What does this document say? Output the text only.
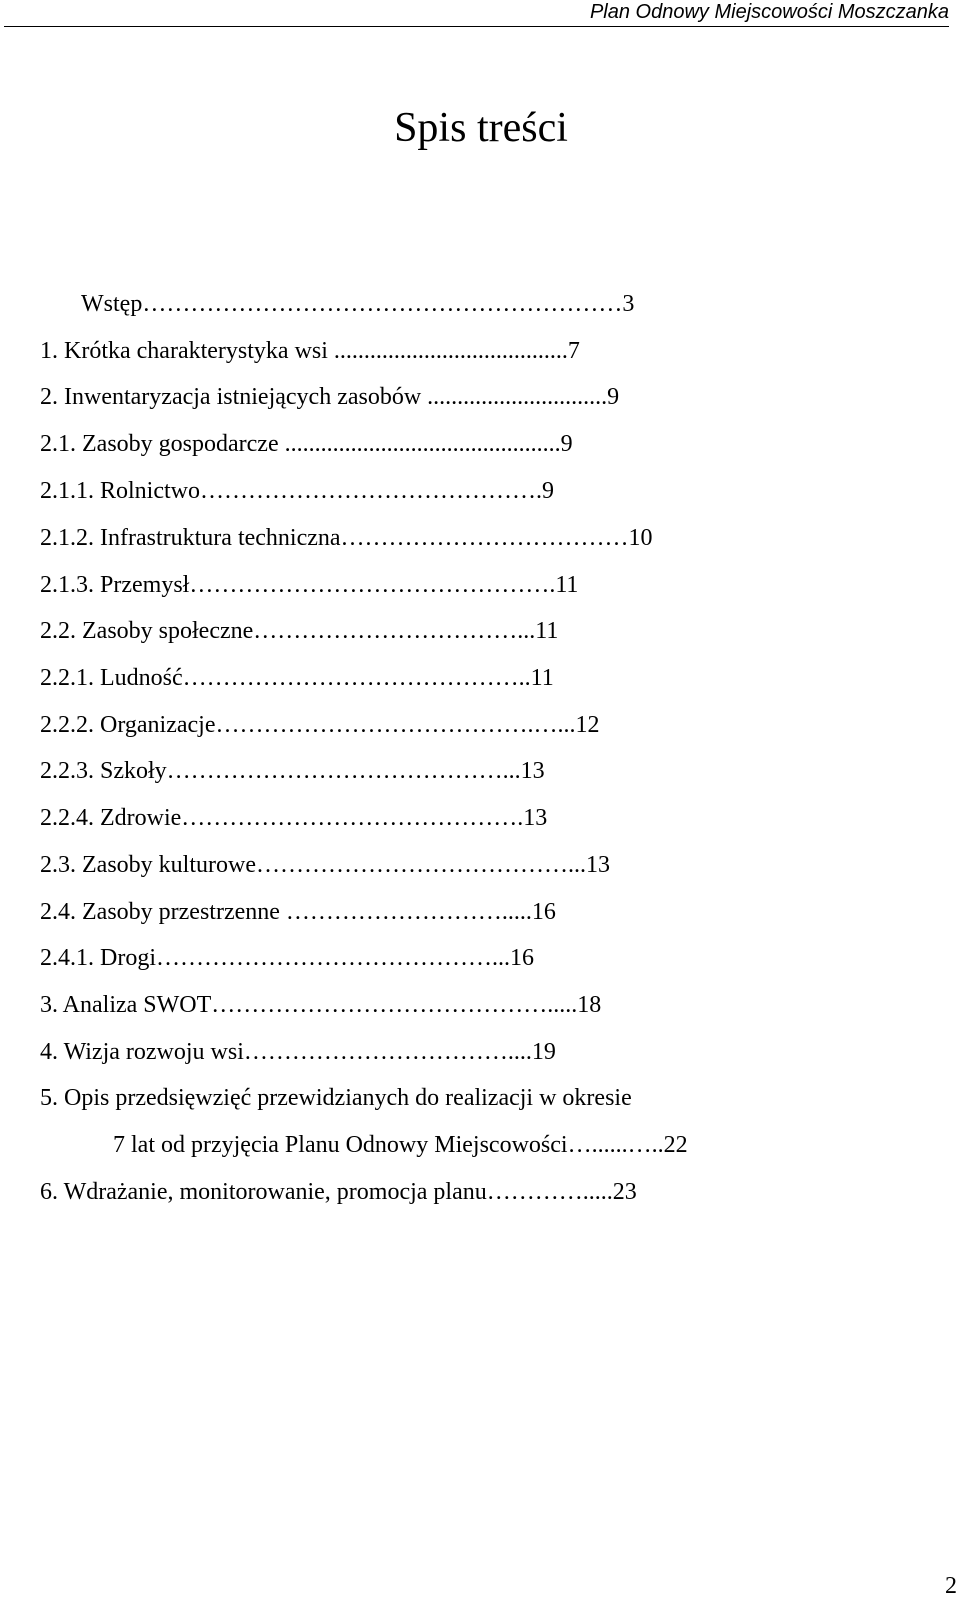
Plan Odnowy Miejscowości Moszczanka
Spis treści
Wstęp……………………………………………………3
1. Krótka charakterystyka wsi .......................................7
2. Inwentaryzacja istniejących zasobów ..............................9
2.1. Zasoby gospodarcze ..............................................9
2.1.1. Rolnictwo…………………………………….9
2.1.2. Infrastruktura techniczna………………………………10
2.1.3. Przemysł……………………………………….11
2.2. Zasoby społeczne……………………………...11
2.2.1. Ludność……………………………………..11
2.2.2. Organizacje………………………………….…...12
2.2.3. Szkoły……………………………………...13
2.2.4. Zdrowie…………………………………….13
2.3. Zasoby kulturowe…………………………………...13
2.4. Zasoby przestrzenne ……………………….....16
2.4.1. Drogi……………………………………...16
3. Analiza SWOT…………………………………….....18
4. Wizja rozwoju wsi……………………………....19
5. Opis przedsięwzięć przewidzianych do realizacji w okresie
7 lat od przyjęcia Planu Odnowy Miejscowości…......…..22
6. Wdrażanie, monitorowanie, promocja planu………….....23
2
